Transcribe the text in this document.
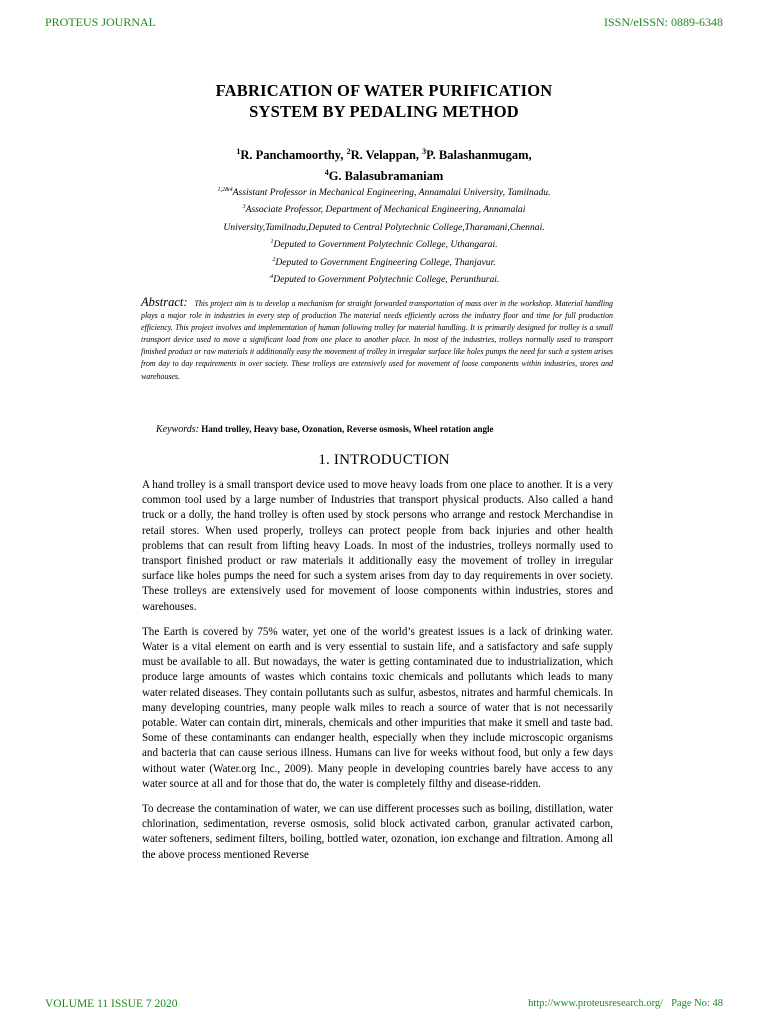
PROTEUS JOURNAL	ISSN/eISSN: 0889-6348
FABRICATION OF WATER PURIFICATION
SYSTEM BY PEDALING METHOD
$^1$R. Panchamoorthy, $^2$R. Velappan, $^3$P. Balashanmugam,
$^4$G. Balasubramaniam
$^{1,2\&4}$Assistant Professor in Mechanical Engineering, Annamalai University, Tamilnadu.
$^3$Associate Professor, Department of Mechanical Engineering, Annamalai
University,Tamilnadu,Deputed to Central Polytechnic College,Tharamani,Chennai.
$^1$Deputed to Government Polytechnic College, Uthangarai.
$^2$Deputed to Government Engineering College, Thanjavur.
$^{.4}$Deputed to Government Polytechnic College, Perunthurai.
Abstract: This project aim is to develop a mechanism for straight forwarded transportation of mass over in the workshop. Material handling plays a major role in industries in every step of production The material needs efficiently across the industry floor and time for full production efficiency. This project involves and implementation of human following trolley for material handling. It is primarily designed for trolley is a small transport device used to move a significant load from one place to another place. In most of the industries, trolleys normally used to transport finished product or raw materials it additionally easy the movement of trolley in irregular surface like holes pumps the need for such a system arises from day to day requirements in over society. These trolleys are extensively used for movement of loose components within industries, stores and warehouses.
Keywords: Hand trolley, Heavy base, Ozonation, Reverse osmosis, Wheel rotation angle
1. INTRODUCTION

A hand trolley is a small transport device used to move heavy loads from one place to another. It is a very common tool used by a large number of Industries that transport physical products. Also called a hand truck or a dolly, the hand trolley is often used by stock persons who arrange and restock Merchandise in retail stores. When used properly, trolleys can protect people from back injuries and other health problems that can result from lifting heavy Loads. In most of the industries, trolleys normally used to transport finished product or raw materials it additionally easy the movement of trolley in irregular surface like holes pumps the need for such a system arises from day to day requirements in over society. These trolleys are extensively used for movement of loose components within industries, stores and warehouses.

The Earth is covered by 75% water, yet one of the world’s greatest issues is a lack of drinking water. Water is a vital element on earth and is very essential to sustain life, and a satisfactory and safe supply must be available to all. But nowadays, the water is getting contaminated due to industrialization, which produce large amounts of wastes which contains toxic chemicals and pollutants which leads to many water related diseases. They contain pollutants such as sulfur, asbestos, nitrates and harmful chemicals. In many developing countries, many people walk miles to reach a source of water that is not necessarily potable. Water can contain dirt, minerals, chemicals and other impurities that make it smell and taste bad. Some of these contaminants can endanger health, especially when they include microscopic organisms and bacteria that can cause serious illness. Humans can live for weeks without food, but only a few days without water (Water.org Inc., 2009). Many people in developing countries barely have access to any water source at all and for those that do, the water is completely filthy and disease-ridden.

To decrease the contamination of water, we can use different processes such as boiling, distillation, water chlorination, sedimentation, reverse osmosis, solid block activated carbon, granular activated carbon, water softeners, sediment filters, boiling, bottled water, ozonation, ion exchange and filtration. Among all the above process mentioned Reverse

VOLUME 11 ISSUE 7 2020	http://www.proteusresearch.org/ Page No: 48
